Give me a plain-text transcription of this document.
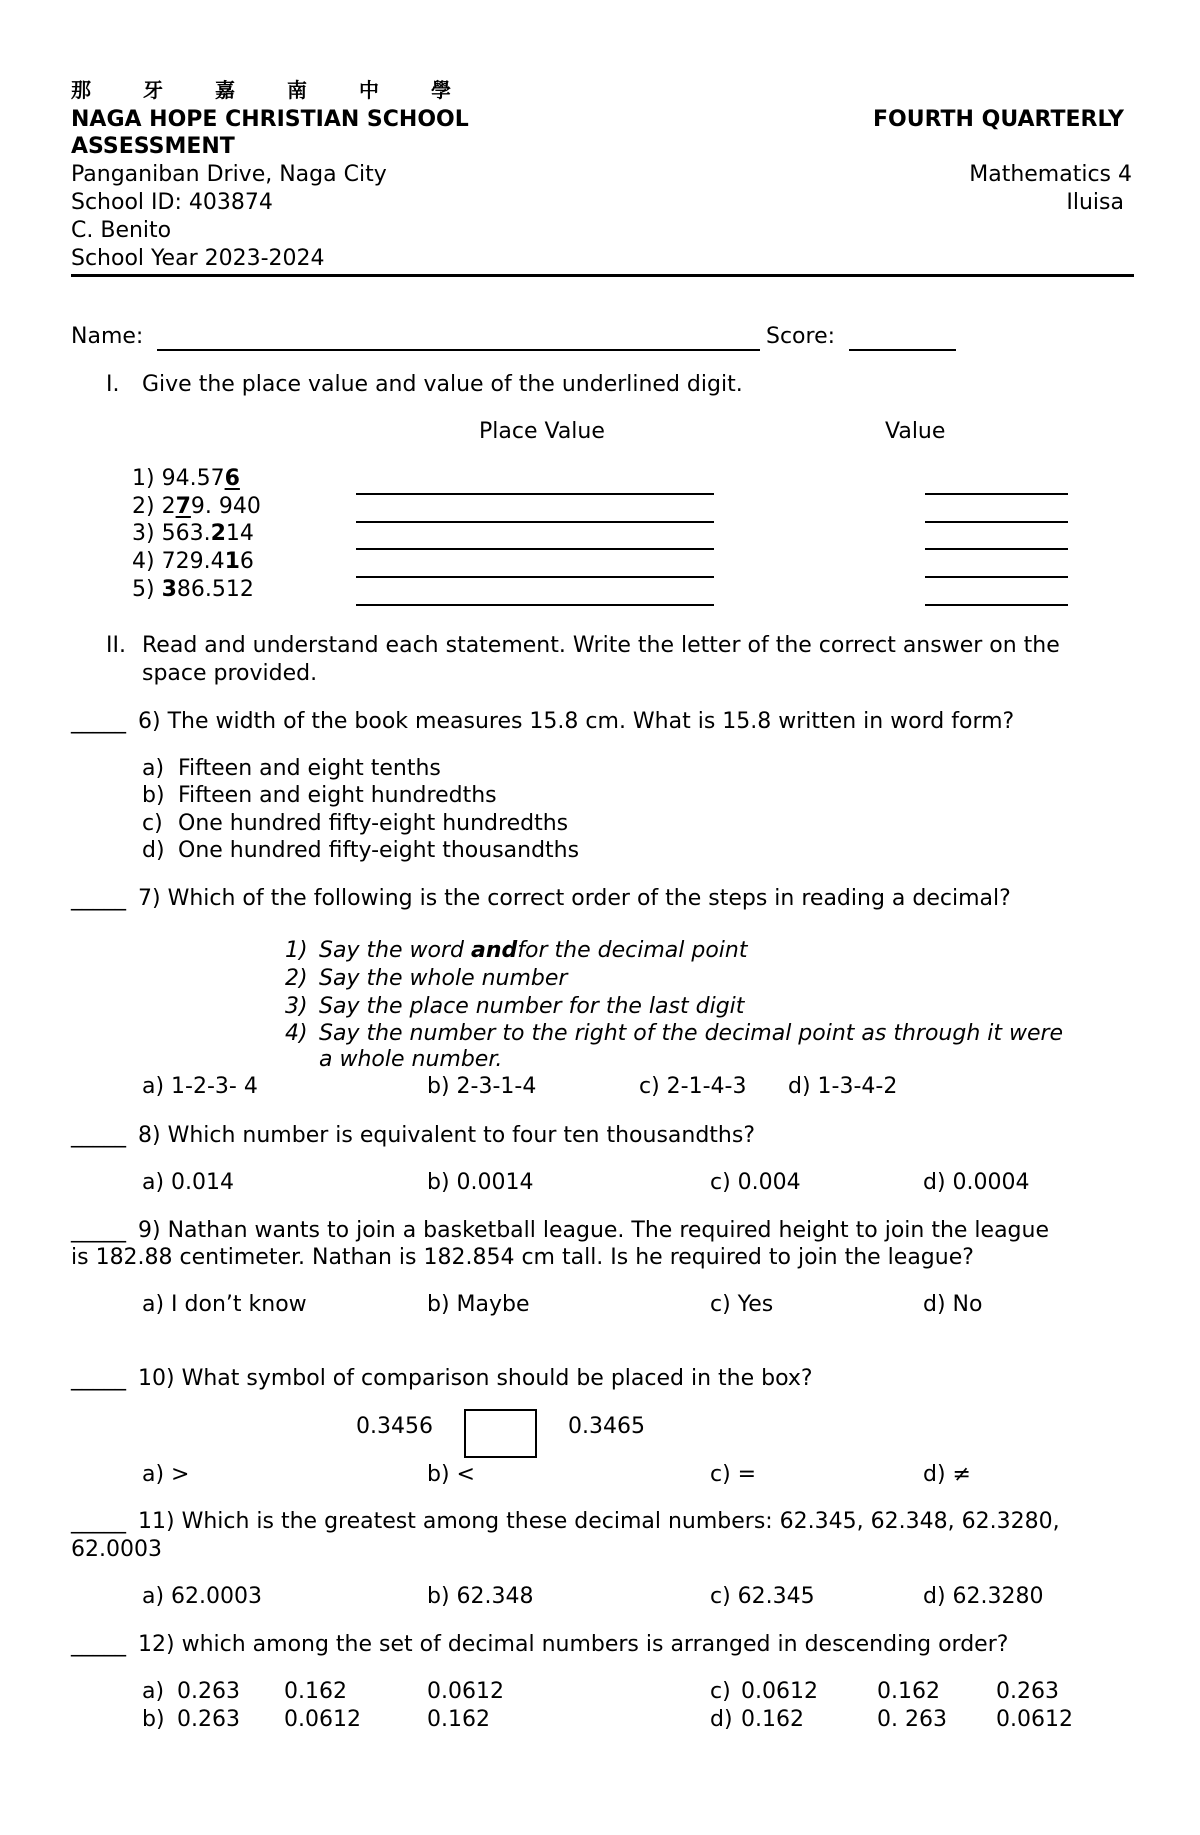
那	牙	嘉	南	中	學
NAGA HOPE CHRISTIAN SCHOOL
ASSESSMENT
FOURTH QUARTERLY
Panganiban Drive, Naga City	Mathematics 4
School ID: 403874	Iluisa
C. Benito
School Year 2023-2024
Name:	Score:
I. Give the place value and value of the underlined digit.
Place Value	Value
1) 94.576
2) 279. 940
3) 563.214
4) 729.416
5) 386.512
II. Read and understand each statement. Write the letter of the correct answer on the
space provided.
_____ 6) The width of the book measures 15.8 cm. What is 15.8 written in word form?
a) Fifteen and eight tenths
b) Fifteen and eight hundredths
c) One hundred fifty-eight hundredths
d) One hundred fifty-eight thousandths
_____ 7) Which of the following is the correct order of the steps in reading a decimal?
1) Say the word andfor the decimal point
2) Say the whole number
3) Say the place number for the last digit
4) Say the number to the right of the decimal point as through it were
a whole number.
a) 1-2-3- 4	b) 2-3-1-4	c) 2-1-4-3 d) 1-3-4-2
_____ 8) Which number is equivalent to four ten thousandths?
a) 0.014	b) 0.0014	c) 0.004	d) 0.0004
_____ 9) Nathan wants to join a basketball league. The required height to join the league
is 182.88 centimeter. Nathan is 182.854 cm tall. Is he required to join the league?
a) I don’t know	b) Maybe	c) Yes	d) No
_____ 10) What symbol of comparison should be placed in the box?
0.3456	0.3465
a) >	b) <	c) =	d) ≠
_____ 11) Which is the greatest among these decimal numbers: 62.345, 62.348, 62.3280,
62.0003
a) 62.0003	b) 62.348	c) 62.345	d) 62.3280
_____ 12) which among the set of decimal numbers is arranged in descending order?
a) 0.263 0.162	0.0612
b) 0.263 0.0612	0.162
c) 0.0612	0.162	0.263
d) 0.162	0. 263 0.0612
